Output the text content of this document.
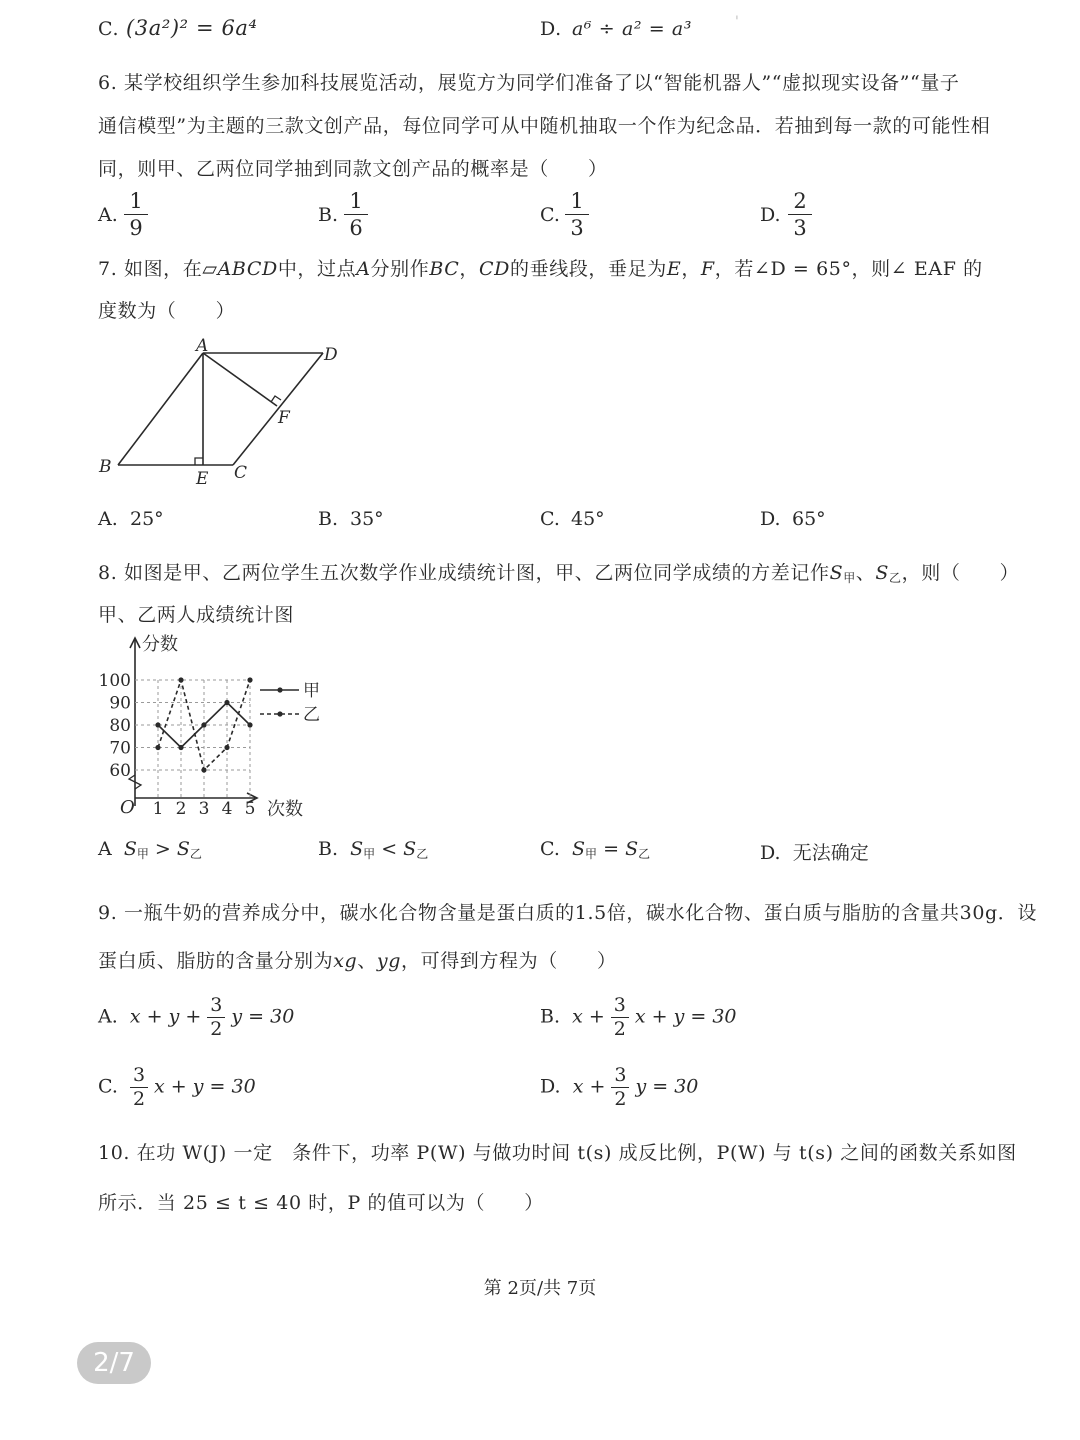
C. (3a²)² = 6a⁴	D. a⁶ ÷ a² = a³	'
6. 某学校组织学生参加科技展览活动，展览方为同学们准备了以“智能机器人”“虚拟现实设备”“量子
通信模型”为主题的三款文创产品，每位同学可从中随机抽取一个作为纪念品．若抽到每一款的可能性相
同，则甲、乙两位同学抽到同款文创产品的概率是（　　）
A.
1
9
B.
1
6
C.
1
3
D.
2
3
7. 如图，在▱ABCD中，过点A分别作BC，CD的垂线段，垂足为E，F，若∠D = 65°，则∠ EAF 的
度数为（　　）
A
B	C
D
E
F
A. 25°	B. 35°	C. 45°	D. 65°
8. 如图是甲、乙两位学生五次数学作业成绩统计图，甲、乙两位同学成绩的方差记作$S_甲$、$S_乙$，则（　　）
甲、乙两人成绩统计图
60
70
80
90
100
1 2 3 4 5
分数
次数
O
甲
乙
A $S_甲 > S_乙$	B. $S_甲 < S_乙$	C. $S_甲 = S_乙$	D. 无法确定
9. 一瓶牛奶的营养成分中，碳水化合物含量是蛋白质的1.5倍，碳水化合物、蛋白质与脂肪的含量共30g．设
蛋白质、脂肪的含量分别为xg、yg，可得到方程为（　　）
A. $x + y + \frac{3}{2}$ y = 30	B. $x + \frac{3}{2}$ x + y = 30
C. $\frac{3}{2}$ x + y = 30	D. $x + \frac{3}{2}$ y = 30
10. 在功 W(J) 一定　条件下，功率 P(W) 与做功时间 t(s) 成反比例，P(W) 与 t(s) 之间的函数关系如图
所示．当 25 ≤ t ≤ 40 时，P 的值可以为（　　）
第 2页/共 7页
2/7
